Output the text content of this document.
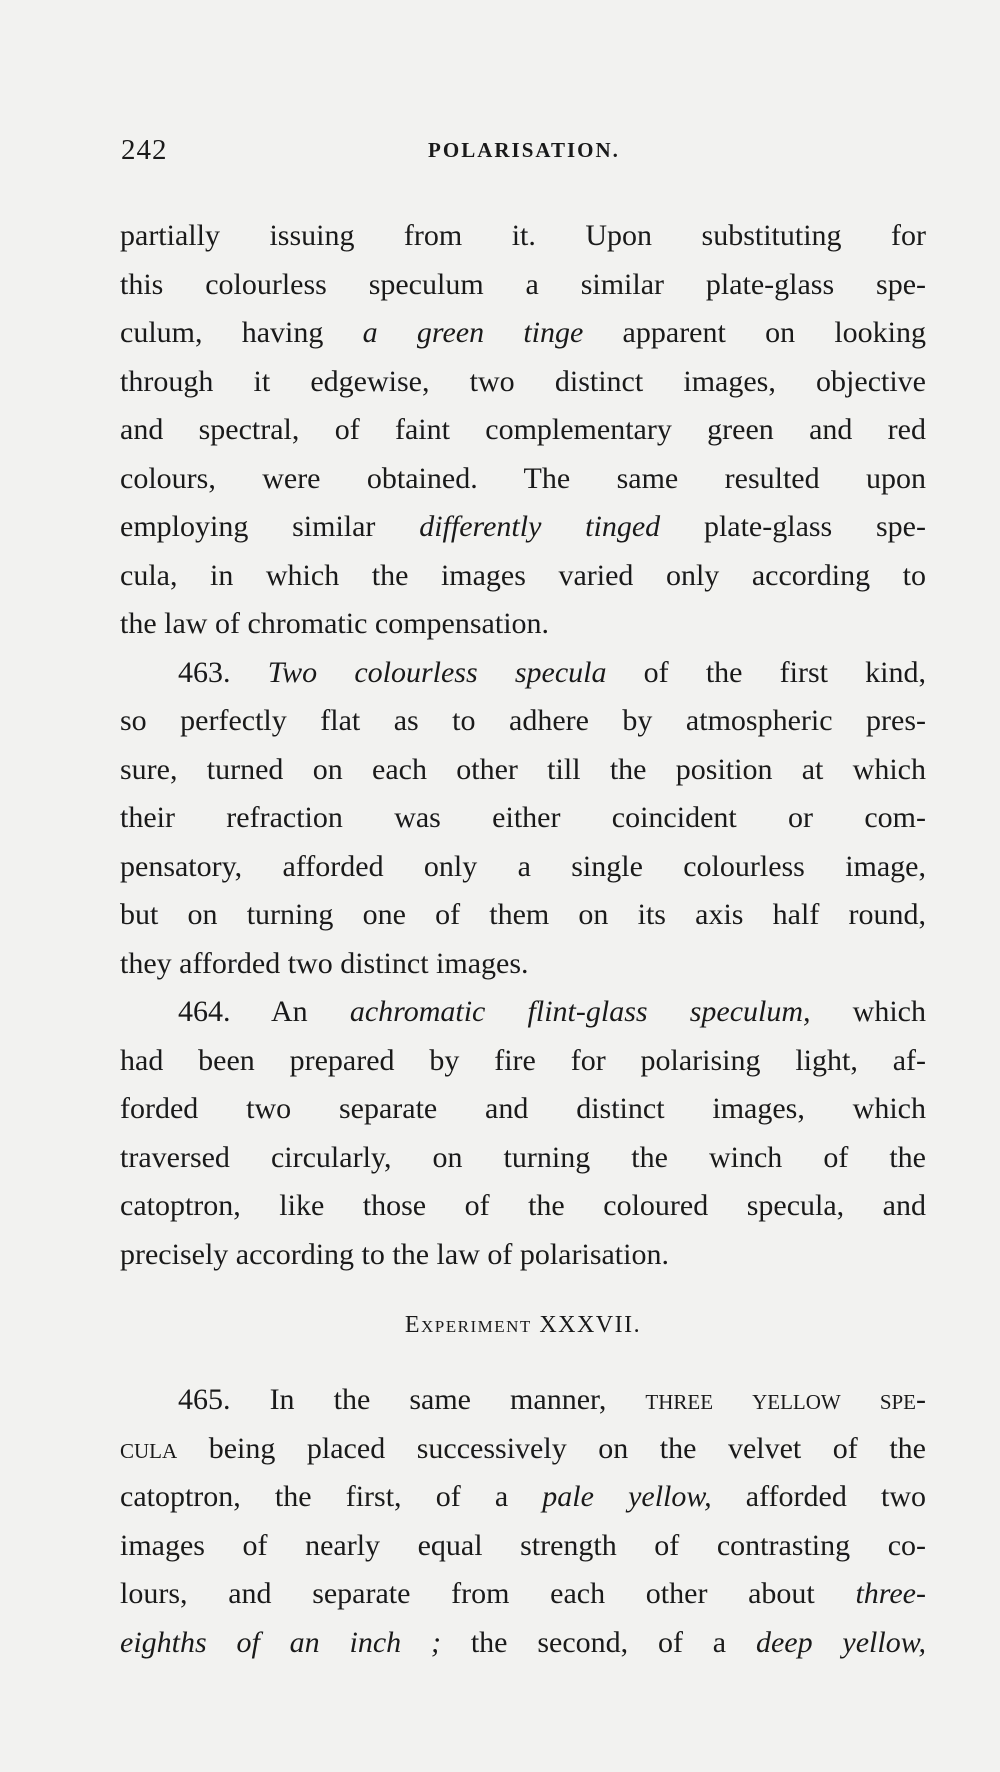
242	POLARISATION.
partially issuing from it. Upon substituting for
this colourless speculum a similar plate-glass spe-
culum, having a green tinge apparent on looking
through it edgewise, two distinct images, objective
and spectral, of faint complementary green and red
colours, were obtained. The same resulted upon
employing similar differently tinged plate-glass spe-
cula, in which the images varied only according to
the law of chromatic compensation.
463. Two colourless specula of the first kind,
so perfectly flat as to adhere by atmospheric pres-
sure, turned on each other till the position at which
their refraction was either coincident or com-
pensatory, afforded only a single colourless image,
but on turning one of them on its axis half round,
they afforded two distinct images.
464. An achromatic flint-glass speculum, which
had been prepared by fire for polarising light, af-
forded two separate and distinct images, which
traversed circularly, on turning the winch of the
catoptron, like those of the coloured specula, and
precisely according to the law of polarisation.
Experiment XXXVII.
465. In the same manner, three yellow spe-
cula being placed successively on the velvet of the
catoptron, the first, of a pale yellow, afforded two
images of nearly equal strength of contrasting co-
lours, and separate from each other about three-
eighths of an inch ; the second, of a deep yellow,
